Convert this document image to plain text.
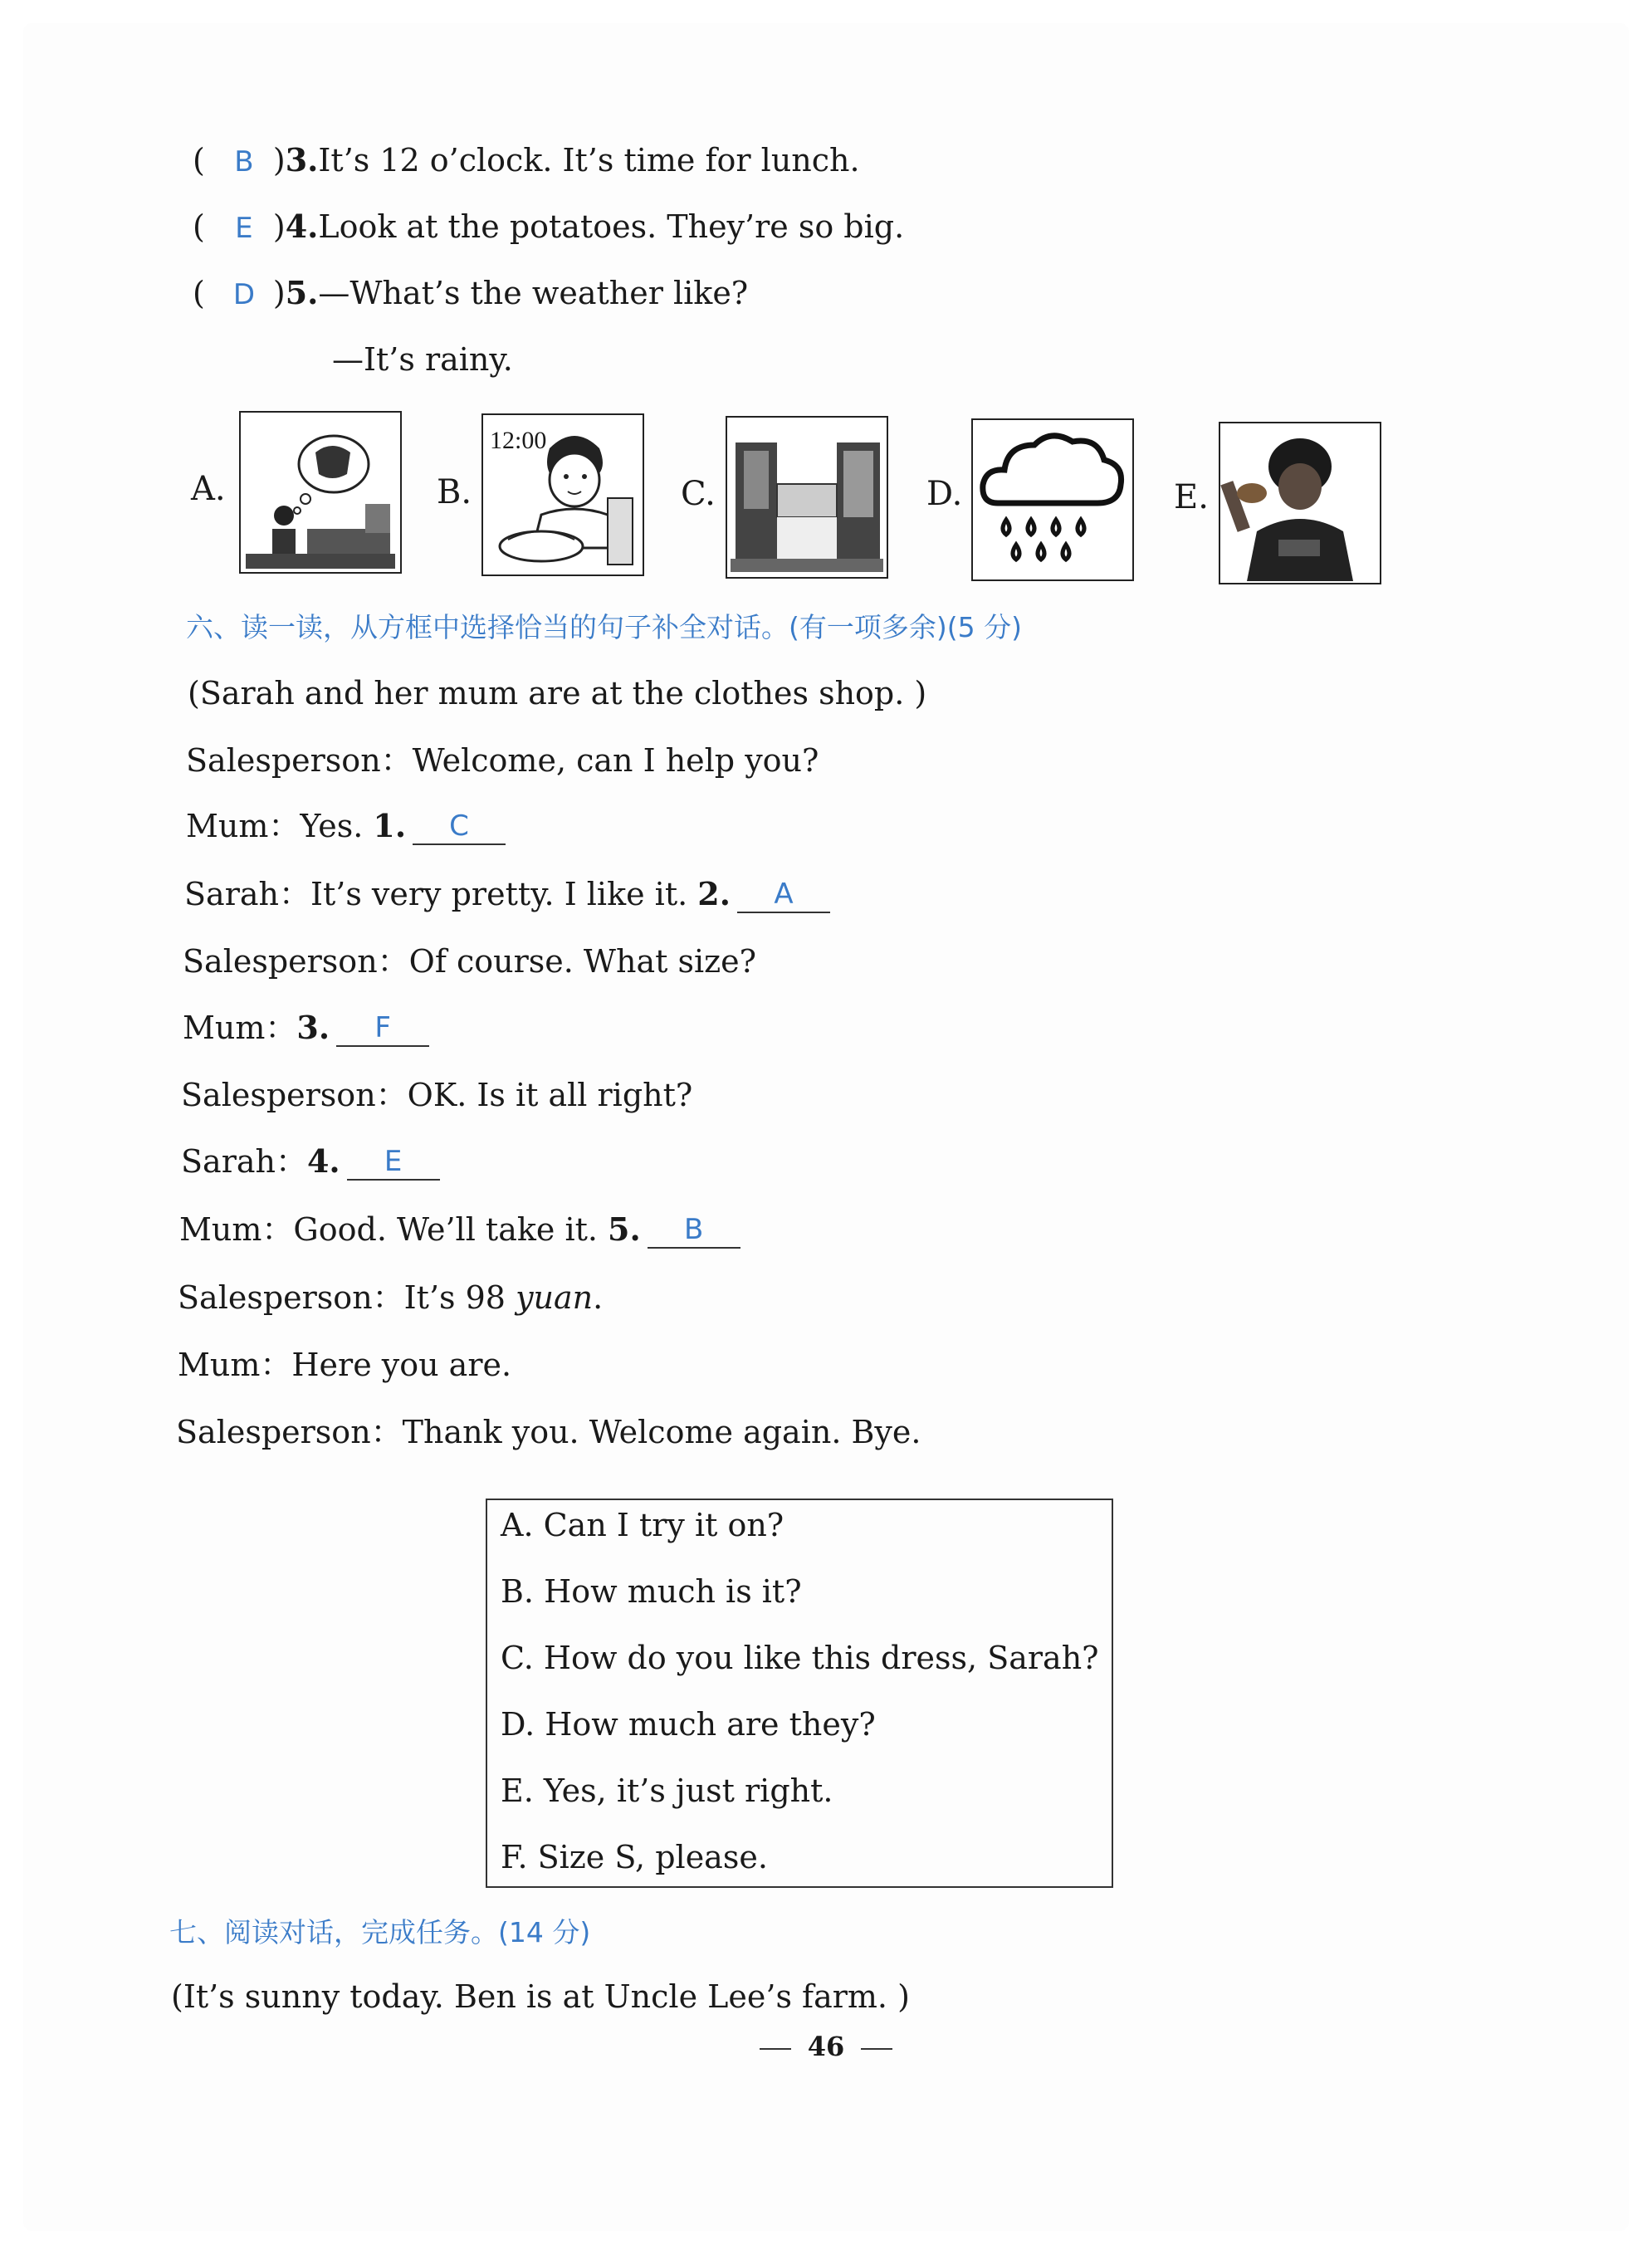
( B )3.It’s 12 o’clock. It’s time for lunch.
( E )4.Look at the potatoes. They’re so big.
( D )5.—What’s the weather like?
—It’s rainy.
A.	B.
12:00
C.	D.	E.
六、读一读，从方框中选择恰当的句子补全对话。(有一项多余)(5 分)
(Sarah and her mum are at the clothes shop. )
Salesperson：Welcome, can I help you?
Mum：Yes. 1. C
Sarah：It’s very pretty. I like it. 2. A
Salesperson：Of course. What size?
Mum：3. F
Salesperson：OK. Is it all right?
Sarah：4. E
Mum：Good. We’ll take it. 5. B
Salesperson：It’s 98 yuan.
Mum：Here you are.
Salesperson：Thank you. Welcome again. Bye.
A. Can I try it on?
B. How much is it?
C. How do you like this dress, Sarah?
D. How much are they?
E. Yes, it’s just right.
F. Size S, please.
七、阅读对话，完成任务。(14 分)
(It’s sunny today. Ben is at Uncle Lee’s farm. )
46
